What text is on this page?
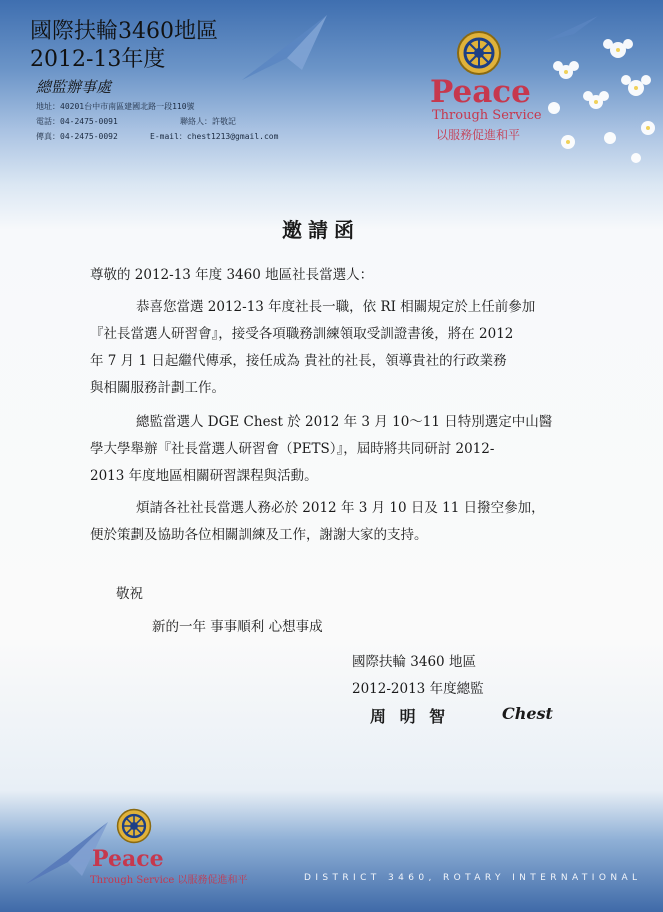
國際扶輪3460地區
2012-13年度
總監辦事處
地址：40201台中市南區建國北路一段110號
電話：04-2475-0091	聯絡人：許敬記
傳真：04-2475-0092	E-mail：chest1213@gmail.com
Peace
Through Service
以服務促進和平
邀請函
尊敬的 2012-13 年度 3460 地區社長當選人：
恭喜您當選 2012-13 年度社長一職，依 RI 相關規定於上任前參加
『社長當選人研習會』，接受各項職務訓練領取受訓證書後，將在 2012
年 7 月 1 日起繼代傳承，接任成為 貴社的社長，領導貴社的行政業務
與相關服務計劃工作。
總監當選人 DGE Chest 於 2012 年 3 月 10～11 日特別選定中山醫
學大學舉辦『社長當選人研習會（PETS）』，屆時將共同研討 2012-
2013 年度地區相關研習課程與活動。
煩請各社社長當選人務必於 2012 年 3 月 10 日及 11 日撥空參加，
便於策劃及協助各位相關訓練及工作，謝謝大家的支持。
敬祝
新的一年 事事順利 心想事成
國際扶輪 3460 地區
2012-2013 年度總監
周 明 智	Chest
Peace
Through Service 以服務促進和平	DISTRICT 3460, ROTARY INTERNATIONAL
